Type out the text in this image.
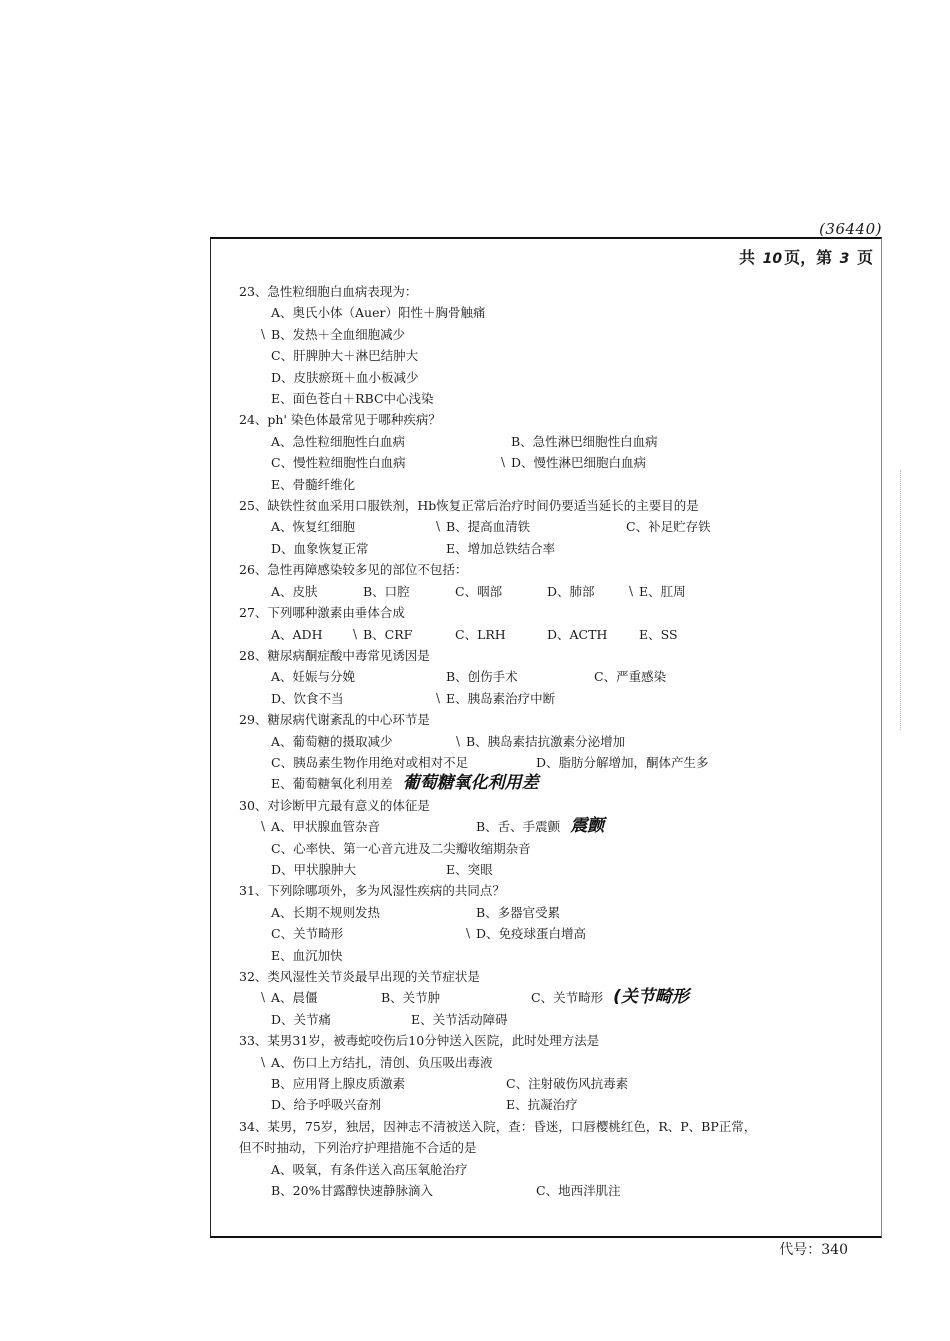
(36440)
共 10 页，第 3 页
23、急性粒细胞白血病表现为：
A、奥氏小体（Auer）阳性＋胸骨触痛
\ B、发热＋全血细胞减少
C、肝脾肿大＋淋巴结肿大
D、皮肤瘀斑＋血小板减少
E、面色苍白＋RBC中心浅染
24、ph' 染色体最常见于哪种疾病？
A、急性粒细胞性白血病	B、急性淋巴细胞性白血病
C、慢性粒细胞性白血病	\ D、慢性淋巴细胞白血病
E、骨髓纤维化
25、缺铁性贫血采用口服铁剂，Hb恢复正常后治疗时间仍要适当延长的主要目的是
A、恢复红细胞	\ B、提高血清铁	C、补足贮存铁
D、血象恢复正常	E、增加总铁结合率
26、急性再障感染较多见的部位不包括：
A、皮肤	B、口腔	C、咽部	D、肺部	\ E、肛周
27、下列哪种激素由垂体合成
A、ADH	\ B、CRF	C、LRH	D、ACTH	E、SS
28、糖尿病酮症酸中毒常见诱因是
A、妊娠与分娩	B、创伤手术	C、严重感染
D、饮食不当	\ E、胰岛素治疗中断
29、糖尿病代谢紊乱的中心环节是
A、葡萄糖的摄取减少	\ B、胰岛素拮抗激素分泌增加
C、胰岛素生物作用绝对或相对不足	D、脂肪分解增加，酮体产生多
E、葡萄糖氧化利用差 葡萄糖氧化利用差
30、对诊断甲亢最有意义的体征是
\ A、甲状腺血管杂音	B、舌、手震颤 震颤
C、心率快、第一心音亢进及二尖瓣收缩期杂音
D、甲状腺肿大	E、突眼
31、下列除哪项外，多为风湿性疾病的共同点？
A、长期不规则发热	B、多器官受累
C、关节畸形	\ D、免疫球蛋白增高
E、血沉加快
32、类风湿性关节炎最早出现的关节症状是
\ A、晨僵	B、关节肿	C、关节畸形 (关节畸形
D、关节痛	E、关节活动障碍
33、某男31岁，被毒蛇咬伤后10分钟送入医院，此时处理方法是
\ A、伤口上方结扎，清创、负压吸出毒液
B、应用肾上腺皮质激素	C、注射破伤风抗毒素
D、给予呼吸兴奋剂	E、抗凝治疗
34、某男，75岁，独居，因神志不清被送入院，查：昏迷，口唇樱桃红色，R、P、BP正常，
但不时抽动，下列治疗护理措施不合适的是
A、吸氧，有条件送入高压氧舱治疗
B、20%甘露醇快速静脉滴入	C、地西泮肌注
代号：340
